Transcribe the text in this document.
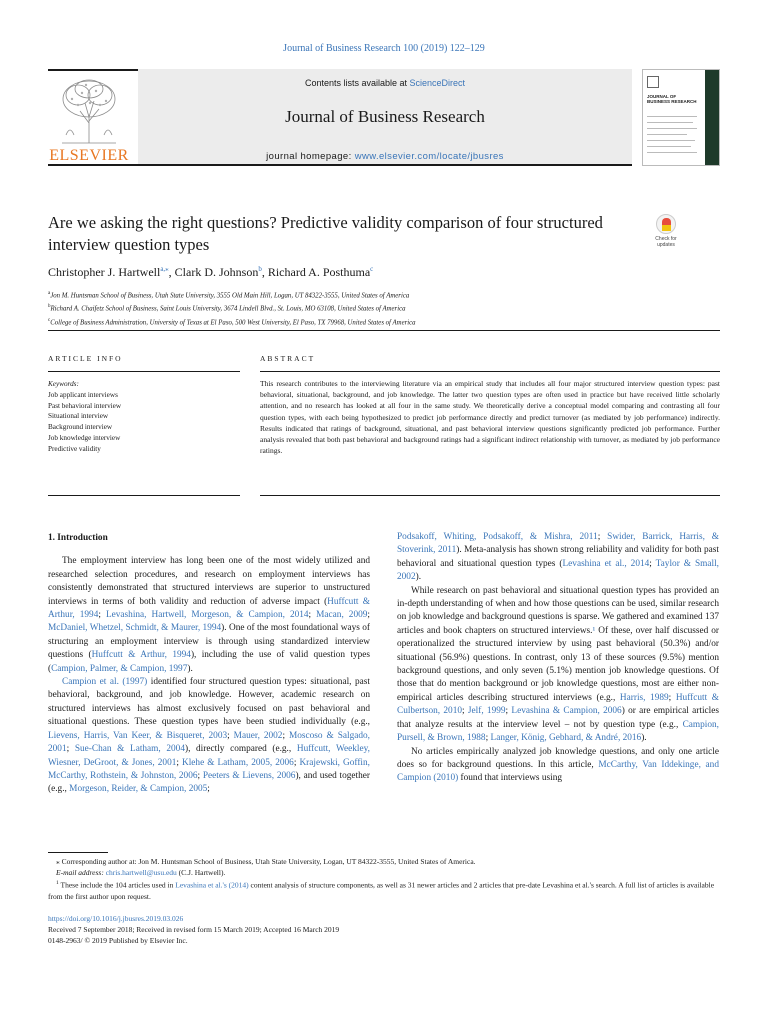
Journal of Business Research 100 (2019) 122–129
ELSEVIER
Contents lists available at ScienceDirect
Journal of Business Research
journal homepage: www.elsevier.com/locate/jbusres
JOURNAL OF BUSINESS RESEARCH
Are we asking the right questions? Predictive validity comparison of four structured interview question types	Check for updates
Christopher J. Hartwell$^{a,⁎}$, Clark D. Johnson$^b$, Richard A. Posthuma$^c$
$^a$Jon M. Huntsman School of Business, Utah State University, 3555 Old Main Hill, Logan, UT 84322-3555, United States of America
$^b$Richard A. Chaifetz School of Business, Saint Louis University, 3674 Lindell Blvd., St. Louis, MO 63108, United States of America
$^c$College of Business Administration, University of Texas at El Paso, 500 West University, El Paso, TX 79968, United States of America
ARTICLE INFO	ABSTRACT
Keywords:
Job applicant interviews
Past behavioral interview
Situational interview
Background interview
Job knowledge interview
Predictive validity
This research contributes to the interviewing literature via an empirical study that includes all four major structured interview question types: past behavioral, situational, background, and job knowledge. The latter two question types are often used in practice but have received little scholarly attention, and no research has looked at all four in the same study. We theoretically derive a conceptual model comparing and contrasting all four question types, with each being hypothesized to predict job performance directly and predict turnover (as mediated by job performance) indirectly. Results indicated that ratings of background, situational, and past behavioral interview questions significantly predicted job performance. Further analysis revealed that both past behavioral and background ratings had a significant indirect relationship with turnover, as mediated by job performance ratings.

1. Introduction

The employment interview has long been one of the most widely utilized and researched selection procedures, and research on employment interviews has consistently demonstrated that structured interviews are superior to unstructured interviews in terms of both validity and reduction of adverse impact (Huffcutt & Arthur, 1994; Levashina, Hartwell, Morgeson, & Campion, 2014; Macan, 2009; McDaniel, Whetzel, Schmidt, & Maurer, 1994). One of the most foundational ways of structuring an employment interview is through using standardized interview questions (Huffcutt & Arthur, 1994), including the use of valid question types (Campion, Palmer, & Campion, 1997).

Campion et al. (1997) identified four structured question types: situational, past behavioral, background, and job knowledge. However, academic research on structured interviews has almost exclusively focused on past behavioral and situational questions. These question types have been studied individually (e.g., Lievens, Harris, Van Keer, & Bisqueret, 2003; Mauer, 2002; Moscoso & Salgado, 2001; Sue-Chan & Latham, 2004), directly compared (e.g., Huffcutt, Weekley, Wiesner, DeGroot, & Jones, 2001; Klehe & Latham, 2005, 2006; Krajewski, Goffin, McCarthy, Rothstein, & Johnston, 2006; Peeters & Lievens, 2006), and used together (e.g., Morgeson, Reider, & Campion, 2005;

Podsakoff, Whiting, Podsakoff, & Mishra, 2011; Swider, Barrick, Harris, & Stoverink, 2011). Meta-analysis has shown strong reliability and validity for both past behavioral and situational question types (Levashina et al., 2014; Taylor & Small, 2002).

While research on past behavioral and situational question types has provided an in-depth understanding of when and how those questions can be used, similar research on job knowledge and background questions is sparse. We gathered and examined 137 articles and book chapters on structured interviews.¹ Of these, over half discussed or operationalized the structured interview by using past behavioral (50.3%) and/or situational (56.9%) questions. In contrast, only 13 of these sources (9.5%) mention background questions, and only seven (5.1%) mention job knowledge questions. Of those that do mention background or job knowledge questions, most are either non-empirical articles describing structured interviews (e.g., Harris, 1989; Huffcutt & Culbertson, 2010; Jelf, 1999; Levashina & Campion, 2006) or are empirical articles that analyze results at the interview level – not by question type (e.g., Campion, Pursell, & Brown, 1988; Langer, König, Gebhard, & André, 2016).

No articles empirically analyzed job knowledge questions, and only one article does so for background questions. In this article, McCarthy, Van Iddekinge, and Campion (2010) found that interviews using

⁎ Corresponding author at: Jon M. Huntsman School of Business, Utah State University, Logan, UT 84322-3555, United States of America.
E-mail address: chris.hartwell@usu.edu (C.J. Hartwell).
$^1$ These include the 104 articles used in Levashina et al.'s (2014) content analysis of structure components, as well as 31 newer articles and 2 articles that pre-date Levashina et al.'s search. A full list of articles is available from the first author upon request.
https://doi.org/10.1016/j.jbusres.2019.03.026
Received 7 September 2018; Received in revised form 15 March 2019; Accepted 16 March 2019
0148-2963/ © 2019 Published by Elsevier Inc.
